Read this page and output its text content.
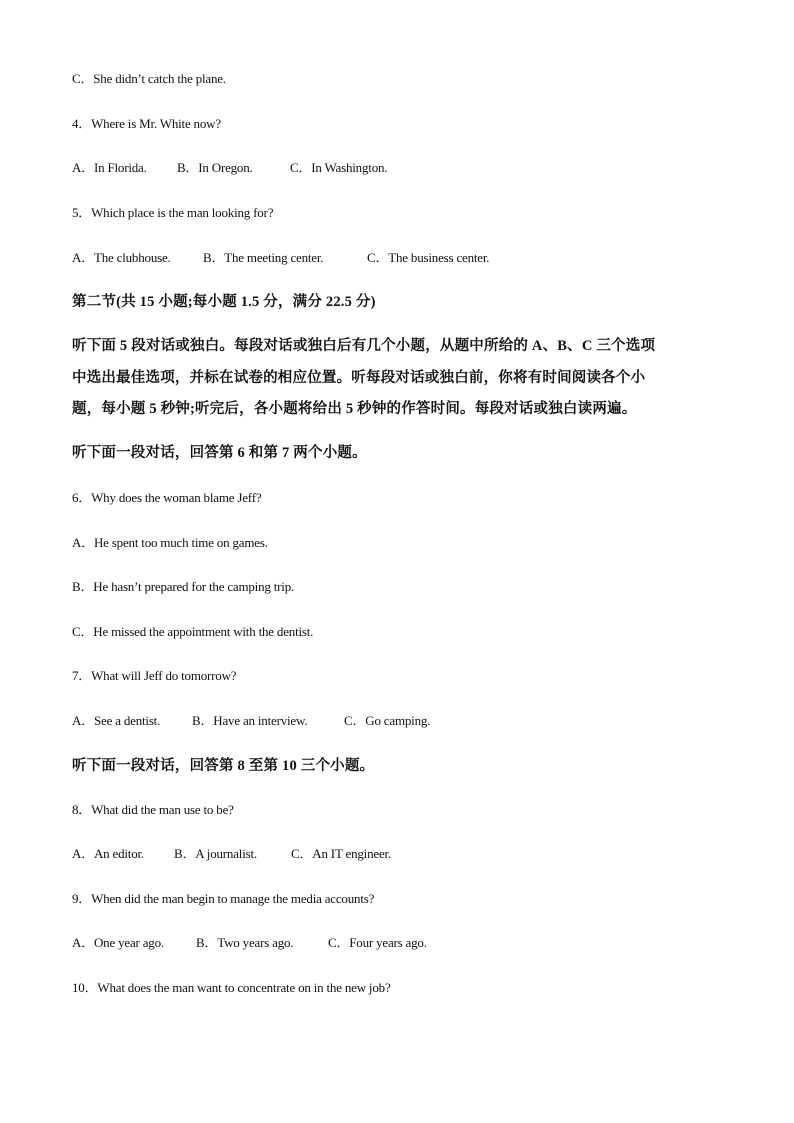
C．She didn’t catch the plane.
4．Where is Mr. White now?
A．In Florida. B．In Oregon.	C．In Washington.
5．Which place is the man looking for?
A．The clubhouse. B．The meeting center.	C．The business center.
第二节(共 15 小题;每小题 1.5 分，满分 22.5 分)
听下面 5 段对话或独白。每段对话或独白后有几个小题，从题中所给的 A、B、C 三个选项
中选出最佳选项，并标在试卷的相应位置。听每段对话或独白前，你将有时间阅读各个小
题，每小题 5 秒钟;听完后，各小题将给出 5 秒钟的作答时间。每段对话或独白读两遍。
听下面一段对话，回答第 6 和第 7 两个小题。
6．Why does the woman blame Jeff?
A．He spent too much time on games.
B．He hasn’t prepared for the camping trip.
C．He missed the appointment with the dentist.
7．What will Jeff do tomorrow?
A．See a dentist. B．Have an interview.	C．Go camping.
听下面一段对话，回答第 8 至第 10 三个小题。
8．What did the man use to be?
A．An editor. B．A journalist.	C．An IT engineer.
9．When did the man begin to manage the media accounts?
A．One year ago. B．Two years ago.	C．Four years ago.
10．What does the man want to concentrate on in the new job?
